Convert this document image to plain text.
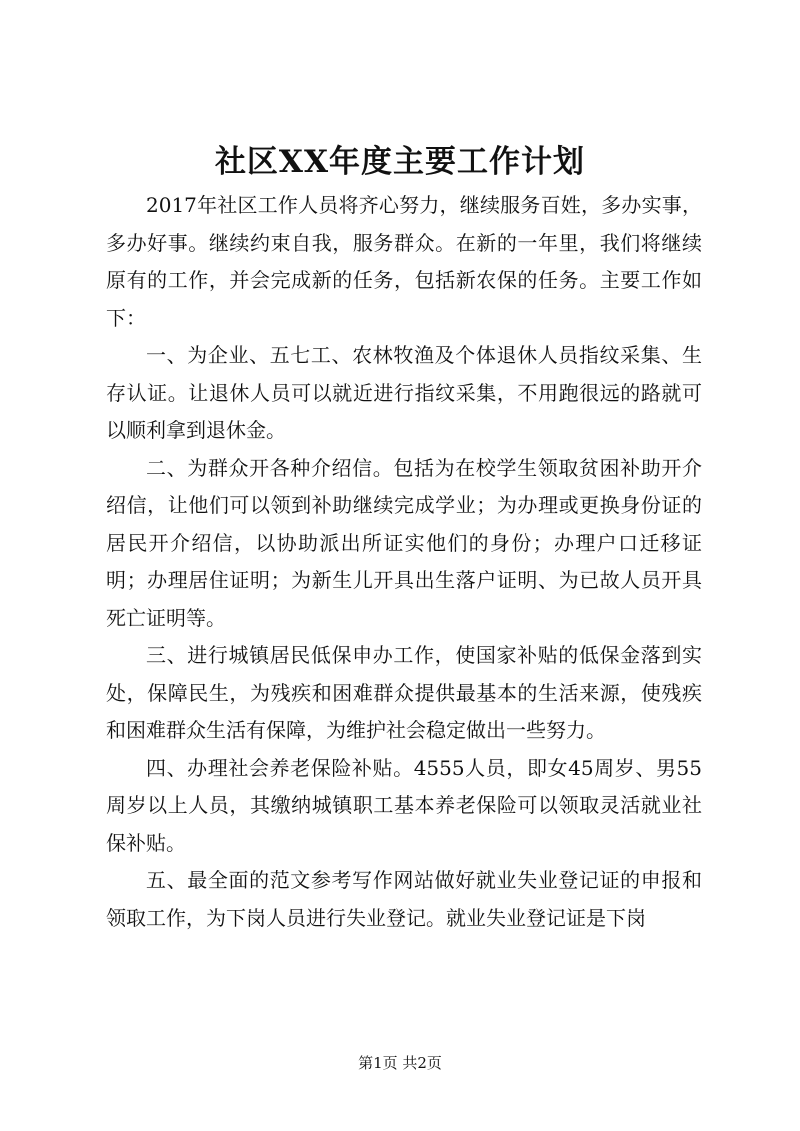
社区XX年度主要工作计划

2017年社区工作人员将齐心努力，继续服务百姓，多办实事，多办好事。继续约束自我，服务群众。在新的一年里，我们将继续原有的工作，并会完成新的任务，包括新农保的任务。主要工作如下：

一、为企业、五七工、农林牧渔及个体退休人员指纹采集、生存认证。让退休人员可以就近进行指纹采集，不用跑很远的路就可以顺利拿到退休金。

二、为群众开各种介绍信。包括为在校学生领取贫困补助开介绍信，让他们可以领到补助继续完成学业；为办理或更换身份证的居民开介绍信，以协助派出所证实他们的身份；办理户口迁移证明；办理居住证明；为新生儿开具出生落户证明、为已故人员开具死亡证明等。

三、进行城镇居民低保申办工作，使国家补贴的低保金落到实处，保障民生，为残疾和困难群众提供最基本的生活来源，使残疾和困难群众生活有保障，为维护社会稳定做出一些努力。

四、办理社会养老保险补贴。4555人员，即女45周岁、男55周岁以上人员，其缴纳城镇职工基本养老保险可以领取灵活就业社保补贴。

五、最全面的范文参考写作网站做好就业失业登记证的申报和领取工作，为下岗人员进行失业登记。就业失业登记证是下岗

第1页 共2页
